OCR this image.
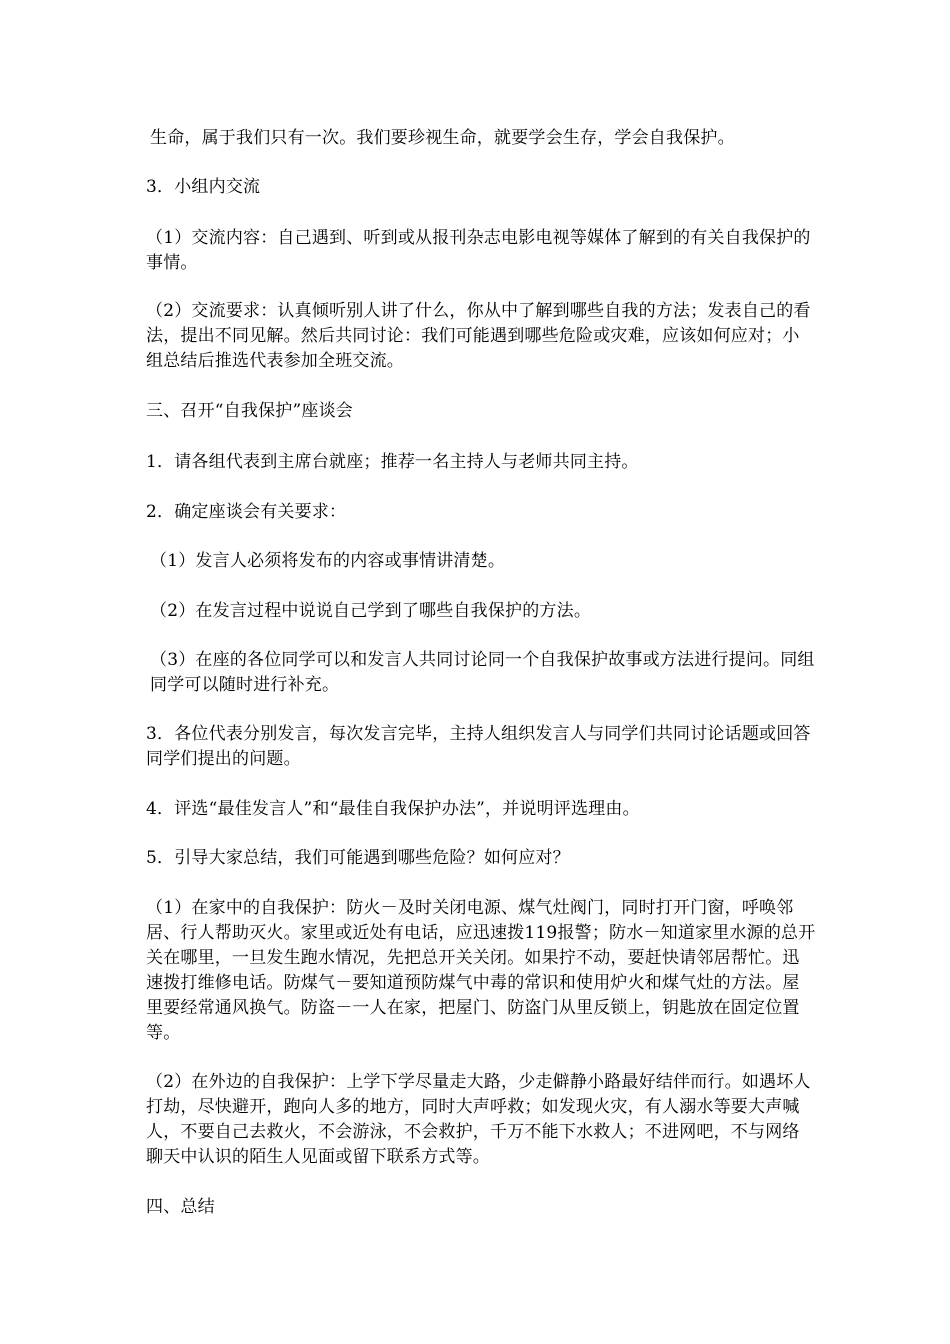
生命，属于我们只有一次。我们要珍视生命，就要学会生存，学会自我保护。

3．小组内交流

（1）交流内容：自己遇到、听到或从报刊杂志电影电视等媒体了解到的有关自我保护的事情。

（2）交流要求：认真倾听别人讲了什么，你从中了解到哪些自我的方法；发表自己的看法，提出不同见解。然后共同讨论：我们可能遇到哪些危险或灾难，应该如何应对；小组总结后推选代表参加全班交流。

三、召开“自我保护”座谈会

1．请各组代表到主席台就座；推荐一名主持人与老师共同主持。

2．确定座谈会有关要求：

（1）发言人必须将发布的内容或事情讲清楚。

（2）在发言过程中说说自己学到了哪些自我保护的方法。

（3）在座的各位同学可以和发言人共同讨论同一个自我保护故事或方法进行提问。同组同学可以随时进行补充。

3．各位代表分别发言，每次发言完毕，主持人组织发言人与同学们共同讨论话题或回答同学们提出的问题。

4．评选“最佳发言人”和“最佳自我保护办法”，并说明评选理由。

5．引导大家总结，我们可能遇到哪些危险？如何应对？

（1）在家中的自我保护：防火－及时关闭电源、煤气灶阀门，同时打开门窗，呼唤邻居、行人帮助灭火。家里或近处有电话，应迅速拨119报警；防水－知道家里水源的总开关在哪里，一旦发生跑水情况，先把总开关关闭。如果拧不动，要赶快请邻居帮忙。迅速拨打维修电话。防煤气－要知道预防煤气中毒的常识和使用炉火和煤气灶的方法。屋里要经常通风换气。防盗－一人在家，把屋门、防盗门从里反锁上，钥匙放在固定位置等。

（2）在外边的自我保护：上学下学尽量走大路，少走僻静小路最好结伴而行。如遇坏人打劫，尽快避开，跑向人多的地方，同时大声呼救；如发现火灾，有人溺水等要大声喊人，不要自己去救火，不会游泳，不会救护，千万不能下水救人；不进网吧，不与网络聊天中认识的陌生人见面或留下联系方式等。

四、总结
